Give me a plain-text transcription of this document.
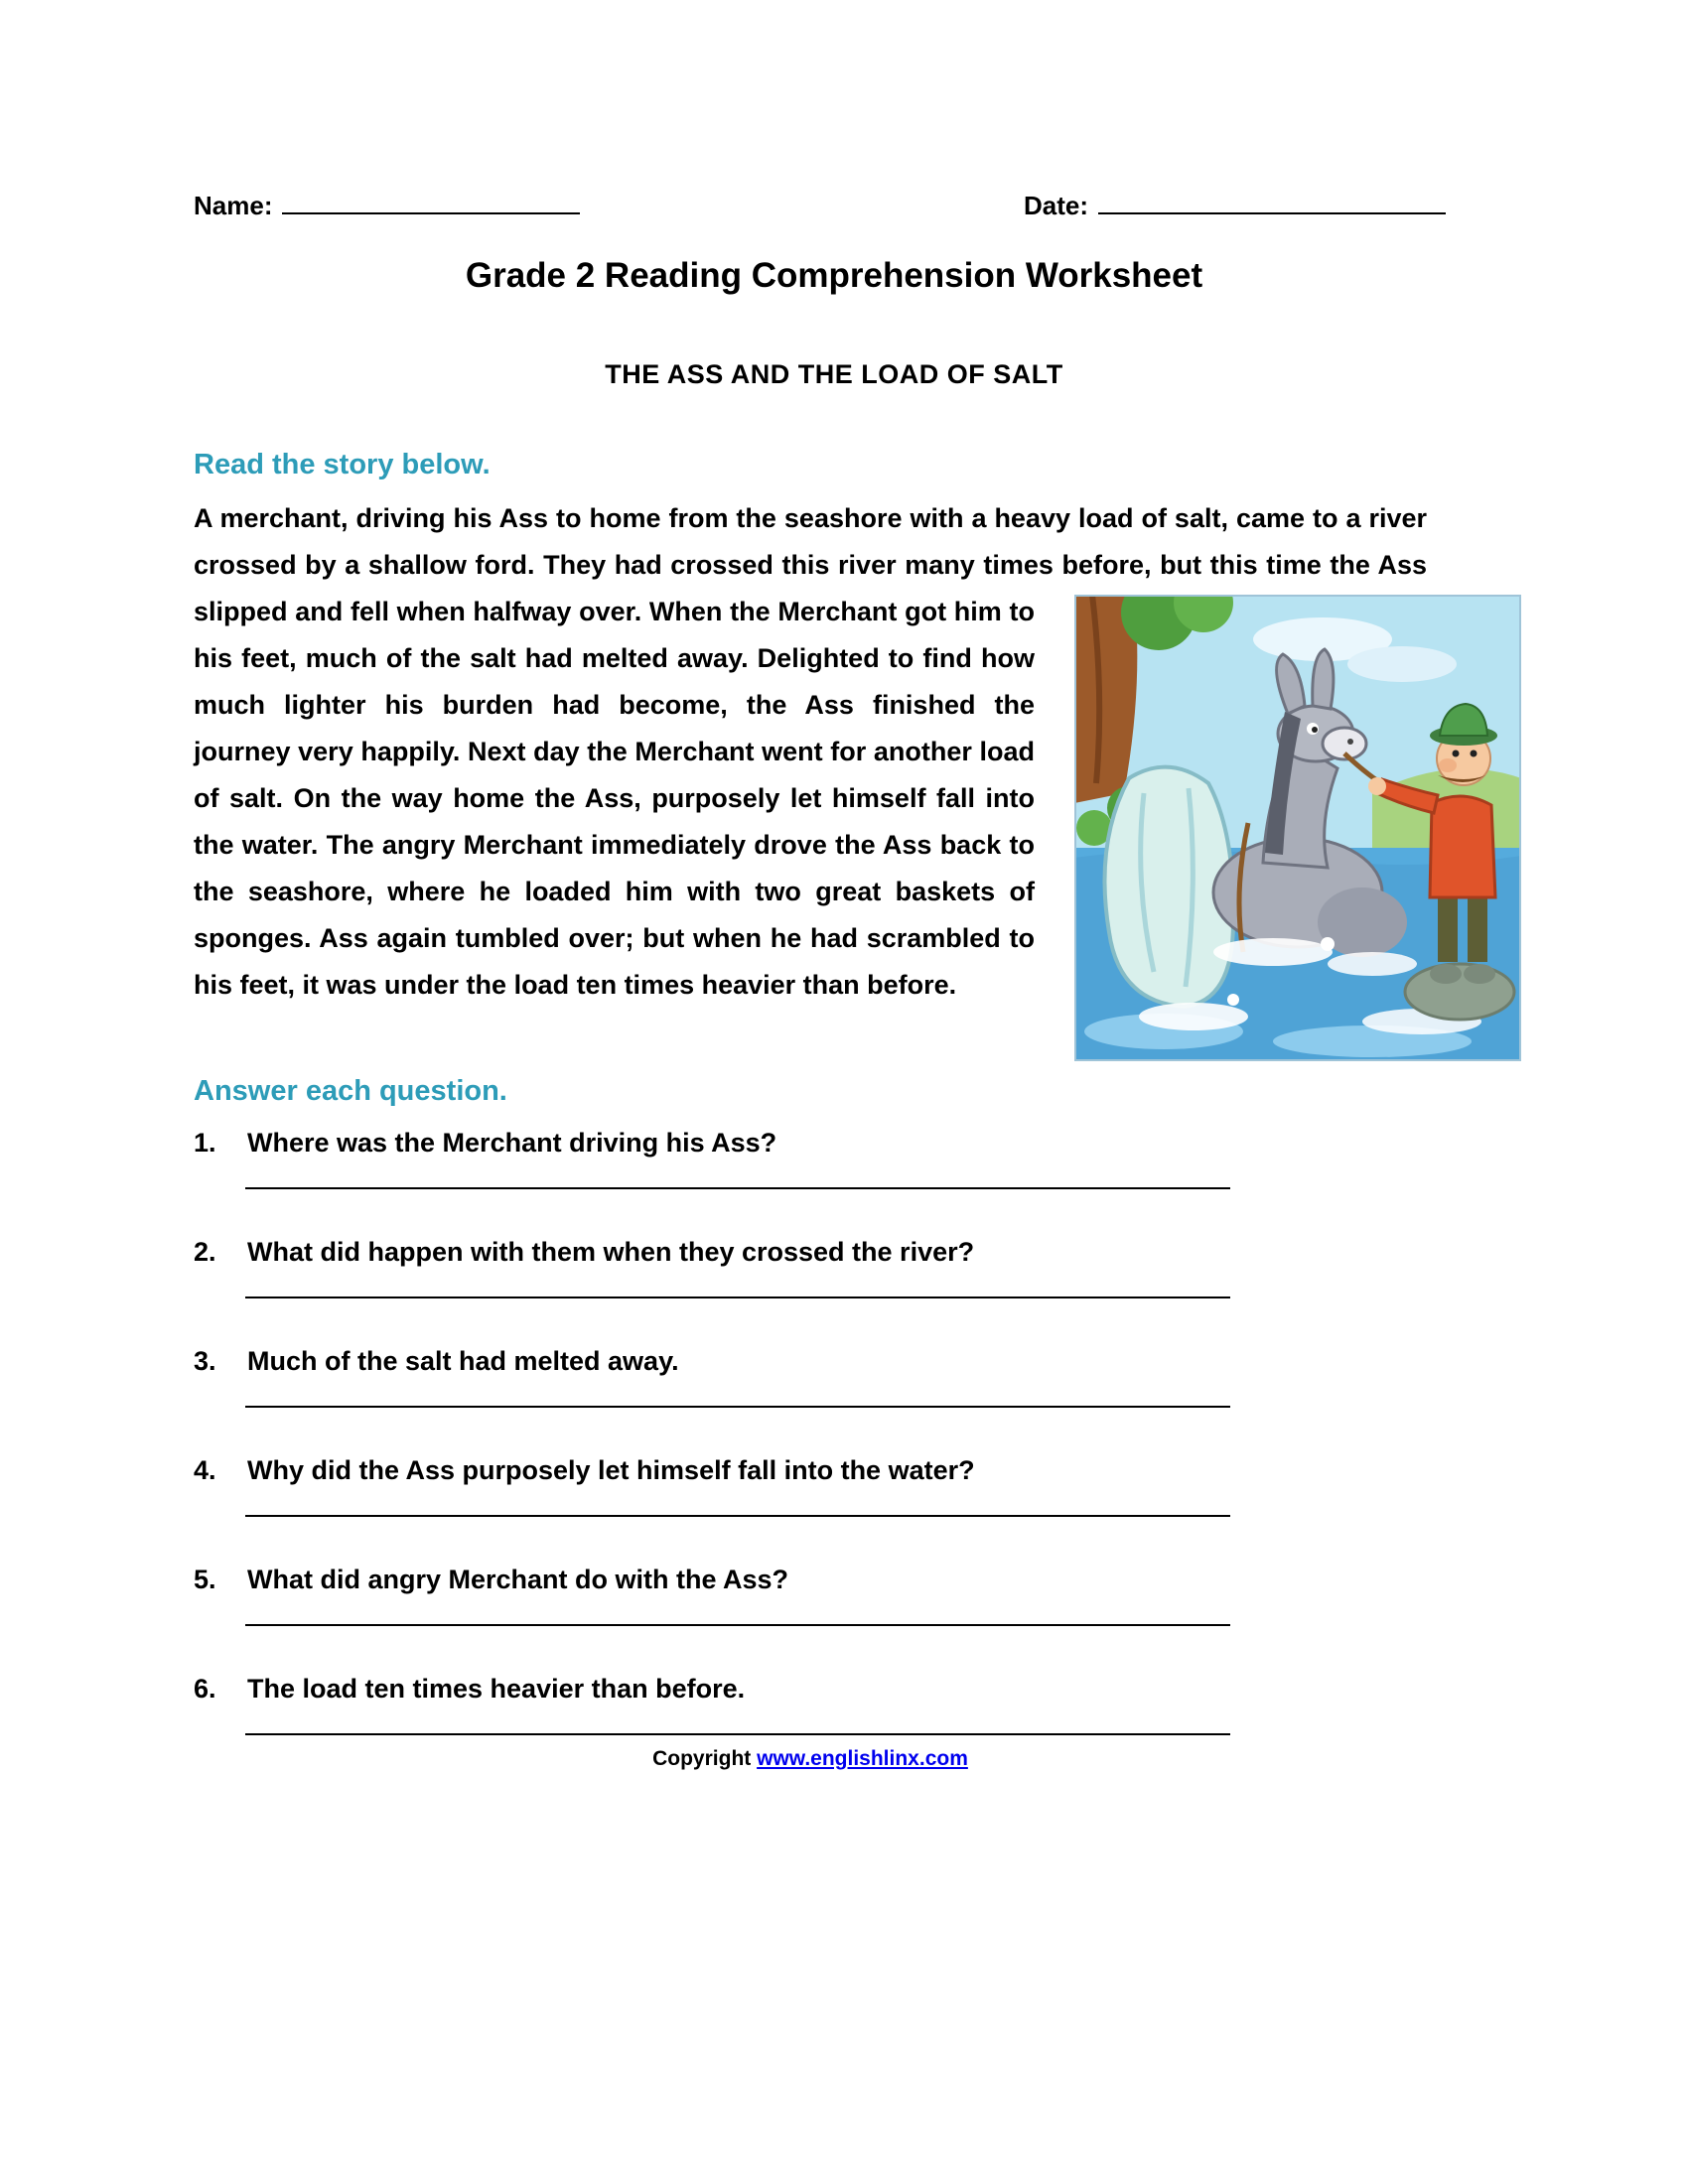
Name:	Date:
Grade 2 Reading Comprehension Worksheet
THE ASS AND THE LOAD OF SALT
Read the story below.

A merchant, driving his Ass to home from the seashore with a heavy load of salt, came to a river crossed by a shallow ford. They had crossed this river many times before, but this time the Ass slipped and fell when halfway over.
When the Merchant got him to his feet, much of the salt had melted away. Delighted to find how much lighter his burden had become, the Ass finished the journey very happily. Next day the Merchant went for another load of salt. On the way home the Ass, purposely let himself fall into the water. The angry Merchant immediately drove the Ass back to the seashore, where he loaded him with two great baskets of sponges. Ass again tumbled over; but when he had scrambled to his feet, it was under the load ten times heavier than before.

Answer each question.
1.	Where was the Merchant driving his Ass?
2.	What did happen with them when they crossed the river?
3.	Much of the salt had melted away.
4.	Why did the Ass purposely let himself fall into the water?
5.	What did angry Merchant do with the Ass?
6.	The load ten times heavier than before.
Copyright www.englishlinx.com
